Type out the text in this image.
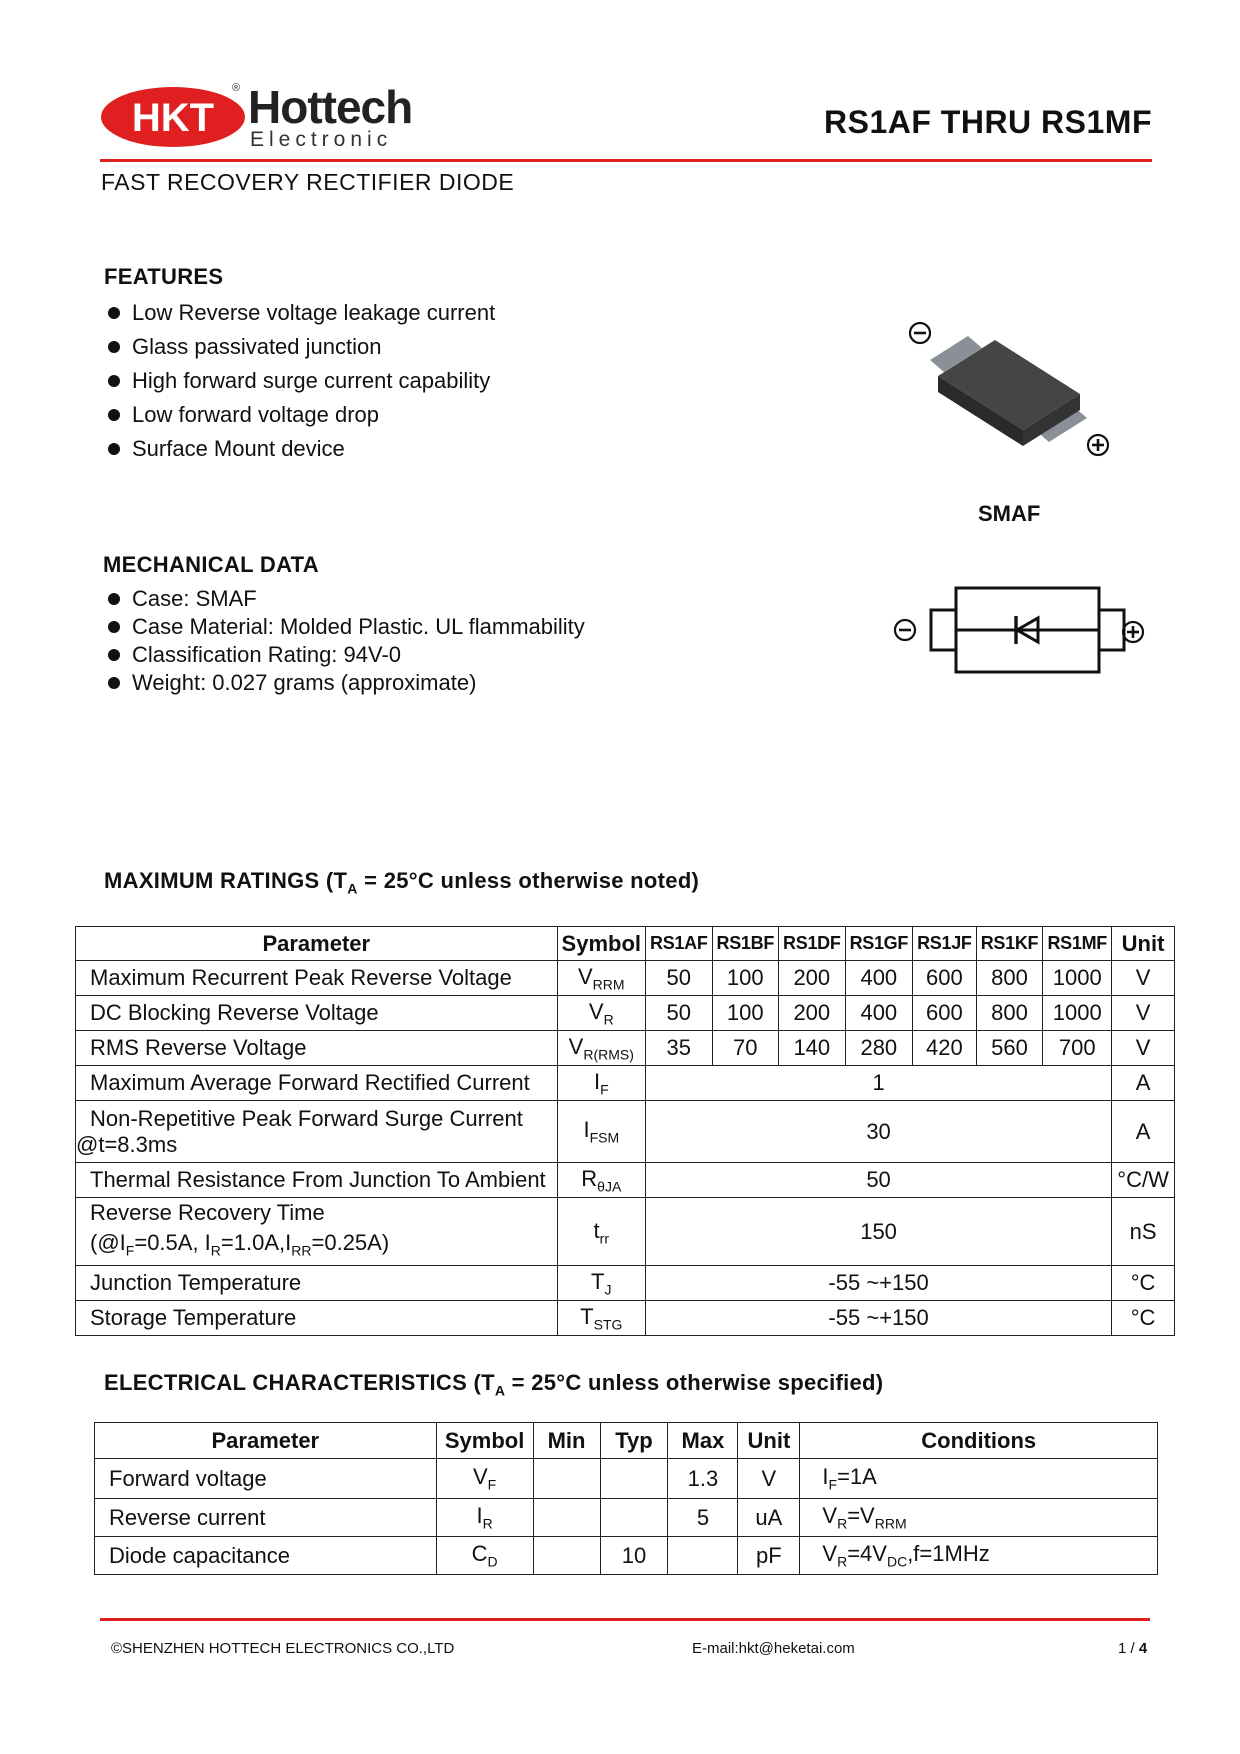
HKT
® Hottech
Electronic	RS1AF THRU RS1MF
FAST RECOVERY RECTIFIER DIODE
FEATURES
Low Reverse voltage leakage current
Glass passivated junction
High forward surge current capability
Low forward voltage drop
Surface Mount device
SMAF
MECHANICAL DATA
Case: SMAF
Case Material: Molded Plastic. UL flammability
Classification Rating: 94V-0
Weight: 0.027 grams (approximate)
MAXIMUM RATINGS ($T_A = 25^\circ C$ unless otherwise noted)
Parameter	Symbol	RS1AF	RS1BF	RS1DF	RS1GF	RS1JF	RS1KF	RS1MF	Unit
Maximum Recurrent Peak Reverse Voltage	$V_{RRM}$	50	100	200	400	600	800	1000	V
DC Blocking Reverse Voltage	$V_R$	50	100	200	400	600	800	1000	V
RMS Reverse Voltage	$V_{R(RMS)}$	35	70	140	280	420	560	700	V
Maximum Average Forward Rectified Current	$I_F$	1							A

Non-Repetitive Peak Forward Surge Current
@t=8.3ms	$I_{FSM}$	30							A
Thermal Resistance From Junction To Ambient	$R_{\theta JA}$	50							°C/W

Reverse Recovery Time
($@I_F=0.5A$, $I_R=1.0A,I_{RR}=0.25A$)	$t_{rr}$	150							nS
Junction Temperature	$T_J$	-55 ~+150							°C
Storage Temperature	$T_{STG}$	-55 ~+150							°C
ELECTRICAL CHARACTERISTICS ($T_A = 25^\circ C$ unless otherwise specified)
Parameter	Symbol	Min	Typ	Max	Unit	Conditions
Forward voltage	$V_F$			1.3	V	$I_F=1A$
Reverse current	$I_R$			5	uA	$V_R=V_{RRM}$
Diode capacitance	$C_D$		10		pF	$V_R=4V_{DC},f=1MHz$
©SHENZHEN HOTTECH ELECTRONICS CO.,LTD	E-mail:hkt@heketai.com	1 / 4
